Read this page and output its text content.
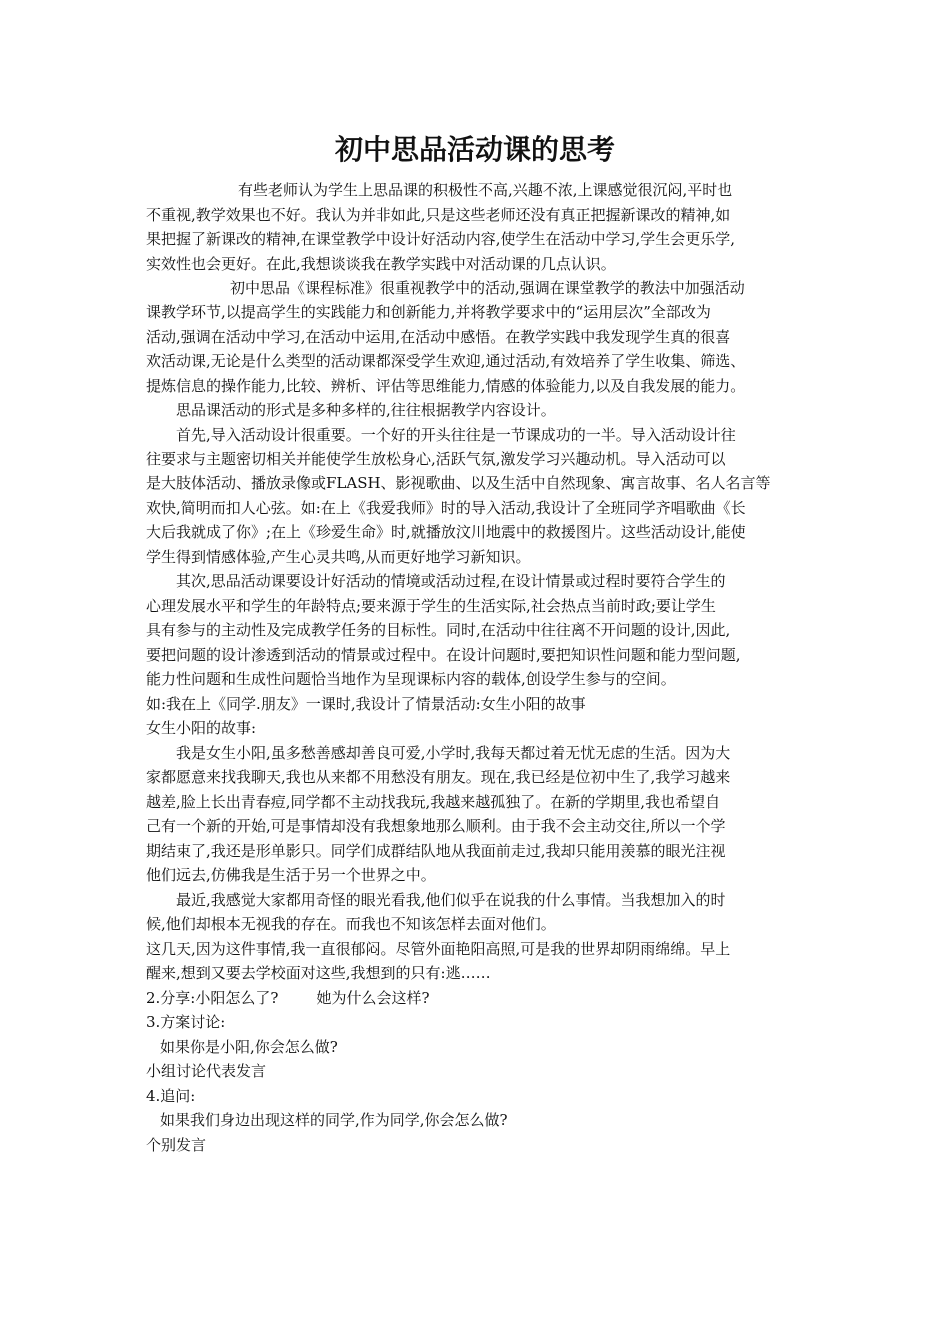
初中思品活动课的思考
有些老师认为学生上思品课的积极性不高,兴趣不浓,上课感觉很沉闷,平时也
不重视,教学效果也不好。我认为并非如此,只是这些老师还没有真正把握新课改的精神,如
果把握了新课改的精神,在课堂教学中设计好活动内容,使学生在活动中学习,学生会更乐学,
实效性也会更好。在此,我想谈谈我在教学实践中对活动课的几点认识。
初中思品《课程标准》很重视教学中的活动,强调在课堂教学的教法中加强活动
课教学环节,以提高学生的实践能力和创新能力,并将教学要求中的“运用层次”全部改为
活动,强调在活动中学习,在活动中运用,在活动中感悟。在教学实践中我发现学生真的很喜
欢活动课,无论是什么类型的活动课都深受学生欢迎,通过活动,有效培养了学生收集、筛选、
提炼信息的操作能力,比较、辨析、评估等思维能力,情感的体验能力,以及自我发展的能力。
思品课活动的形式是多种多样的,往往根据教学内容设计。
首先,导入活动设计很重要。一个好的开头往往是一节课成功的一半。导入活动设计往
往要求与主题密切相关并能使学生放松身心,活跃气氛,激发学习兴趣动机。导入活动可以
是大肢体活动、播放录像或FLASH、影视歌曲、以及生活中自然现象、寓言故事、名人名言等
欢快,简明而扣人心弦。如:在上《我爱我师》时的导入活动,我设计了全班同学齐唱歌曲《长
大后我就成了你》;在上《珍爱生命》时,就播放汶川地震中的救援图片。这些活动设计,能使
学生得到情感体验,产生心灵共鸣,从而更好地学习新知识。
其次,思品活动课要设计好活动的情境或活动过程,在设计情景或过程时要符合学生的
心理发展水平和学生的年龄特点;要来源于学生的生活实际,社会热点当前时政;要让学生
具有参与的主动性及完成教学任务的目标性。同时,在活动中往往离不开问题的设计,因此,
要把问题的设计渗透到活动的情景或过程中。在设计问题时,要把知识性问题和能力型问题,
能力性问题和生成性问题恰当地作为呈现课标内容的载体,创设学生参与的空间。
如:我在上《同学.朋友》一课时,我设计了情景活动:女生小阳的故事
女生小阳的故事:
我是女生小阳,虽多愁善感却善良可爱,小学时,我每天都过着无忧无虑的生活。因为大
家都愿意来找我聊天,我也从来都不用愁没有朋友。现在,我已经是位初中生了,我学习越来
越差,脸上长出青春痘,同学都不主动找我玩,我越来越孤独了。在新的学期里,我也希望自
己有一个新的开始,可是事情却没有我想象地那么顺利。由于我不会主动交往,所以一个学
期结束了,我还是形单影只。同学们成群结队地从我面前走过,我却只能用羡慕的眼光注视
他们远去,仿佛我是生活于另一个世界之中。
最近,我感觉大家都用奇怪的眼光看我,他们似乎在说我的什么事情。当我想加入的时
候,他们却根本无视我的存在。而我也不知该怎样去面对他们。
这几天,因为这件事情,我一直很郁闷。尽管外面艳阳高照,可是我的世界却阴雨绵绵。早上
醒来,想到又要去学校面对这些,我想到的只有:逃……
2.分享:小阳怎么了?        她为什么会这样?
3.方案讨论:
如果你是小阳,你会怎么做?
小组讨论代表发言
4.追问:
如果我们身边出现这样的同学,作为同学,你会怎么做?
个别发言
